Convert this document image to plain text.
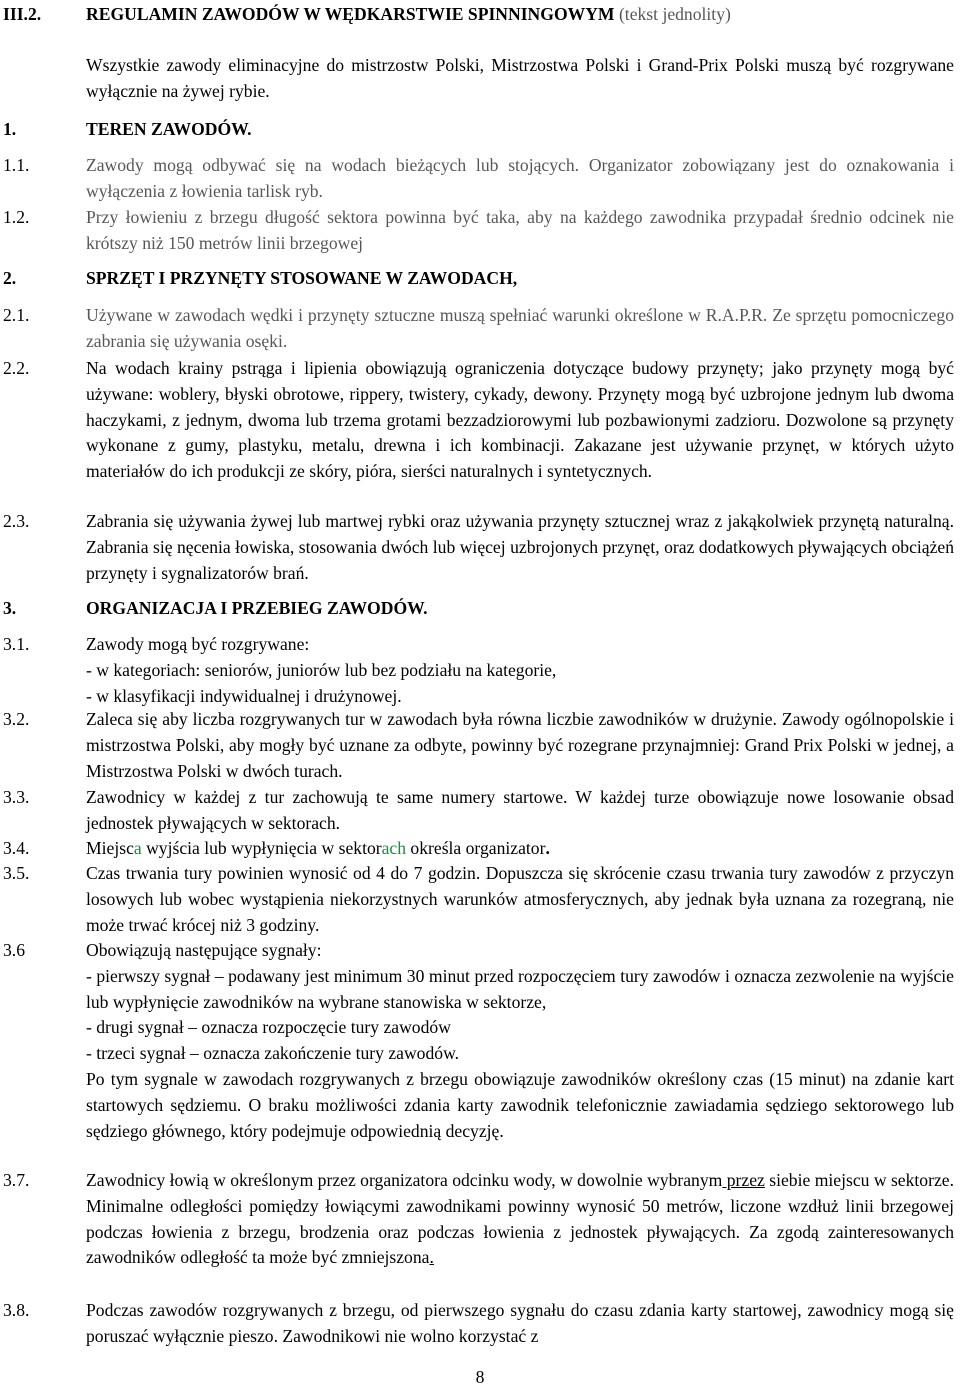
III.2.	REGULAMIN ZAWODÓW W WĘDKARSTWIE SPINNINGOWYM (tekst jednolity)
Wszystkie zawody eliminacyjne do mistrzostw Polski, Mistrzostwa Polski i Grand-Prix Polski muszą być rozgrywane wyłącznie na żywej rybie.
1.	TEREN ZAWODÓW.
1.1.	Zawody mogą odbywać się na wodach bieżących lub stojących. Organizator zobowiązany jest do oznakowania i wyłączenia z łowienia tarlisk ryb.
1.2.	Przy łowieniu z brzegu długość sektora powinna być taka, aby na każdego zawodnika przypadał średnio odcinek nie krótszy niż 150 metrów linii brzegowej
2.	SPRZĘT I PRZYNĘTY STOSOWANE W ZAWODACH,
2.1.	Używane w zawodach wędki i przynęty sztuczne muszą spełniać warunki określone w R.A.P.R. Ze sprzętu pomocniczego zabrania się używania osęki.
2.2.	Na wodach krainy pstrąga i lipienia obowiązują ograniczenia dotyczące budowy przynęty; jako przynęty mogą być używane: woblery, błyski obrotowe, rippery, twistery, cykady, dewony. Przynęty mogą być uzbrojone jednym lub dwoma haczykami, z jednym, dwoma lub trzema grotami bezzadziorowymi lub pozbawionymi zadzioru. Dozwolone są przynęty wykonane z gumy, plastyku, metalu, drewna i ich kombinacji. Zakazane jest używanie przynęt, w których użyto materiałów do ich produkcji ze skóry, pióra, sierści naturalnych i syntetycznych.
2.3.	Zabrania się używania żywej lub martwej rybki oraz używania przynęty sztucznej wraz z jakąkolwiek przynętą naturalną. Zabrania się nęcenia łowiska, stosowania dwóch lub więcej uzbrojonych przynęt, oraz dodatkowych pływających obciążeń przynęty i sygnalizatorów brań.
3.	ORGANIZACJA I PRZEBIEG ZAWODÓW.
3.1.	Zawody mogą być rozgrywane:
- w kategoriach: seniorów, juniorów lub bez podziału na kategorie,
- w klasyfikacji indywidualnej i drużynowej.
3.2.	Zaleca się aby liczba rozgrywanych tur w zawodach była równa liczbie zawodników w drużynie. Zawody ogólnopolskie i mistrzostwa Polski, aby mogły być uznane za odbyte, powinny być rozegrane przynajmniej: Grand Prix Polski w jednej, a Mistrzostwa Polski w dwóch turach.
3.3.	Zawodnicy w każdej z tur zachowują te same numery startowe. W każdej turze obowiązuje nowe losowanie obsad jednostek pływających w sektorach.
3.4.	Miejsca wyjścia lub wypłynięcia w sektorach określa organizator.
3.5.	Czas trwania tury powinien wynosić od 4 do 7 godzin. Dopuszcza się skrócenie czasu trwania tury zawodów z przyczyn losowych lub wobec wystąpienia niekorzystnych warunków atmosferycznych, aby jednak była uznana za rozegraną, nie może trwać krócej niż 3 godziny.
3.6	Obowiązują następujące sygnały:
- pierwszy sygnał – podawany jest minimum 30 minut przed rozpoczęciem tury zawodów i oznacza zezwolenie na wyjście lub wypłynięcie zawodników na wybrane stanowiska w sektorze,
- drugi sygnał – oznacza rozpoczęcie tury zawodów
- trzeci sygnał – oznacza zakończenie tury zawodów.
Po tym sygnale w zawodach rozgrywanych z brzegu obowiązuje zawodników określony czas (15 minut) na zdanie kart startowych sędziemu. O braku możliwości zdania karty zawodnik telefonicznie zawiadamia sędziego sektorowego lub sędziego głównego, który podejmuje odpowiednią decyzję.
3.7.	Zawodnicy łowią w określonym przez organizatora odcinku wody, w dowolnie wybranym przez siebie miejscu w sektorze. Minimalne odległości pomiędzy łowiącymi zawodnikami powinny wynosić 50 metrów, liczone wzdłuż linii brzegowej podczas łowienia z brzegu, brodzenia oraz podczas łowienia z jednostek pływających. Za zgodą zainteresowanych zawodników odległość ta może być zmniejszona.
3.8.	Podczas zawodów rozgrywanych z brzegu, od pierwszego sygnału do czasu zdania karty startowej, zawodnicy mogą się poruszać wyłącznie pieszo. Zawodnikowi nie wolno korzystać z
8
